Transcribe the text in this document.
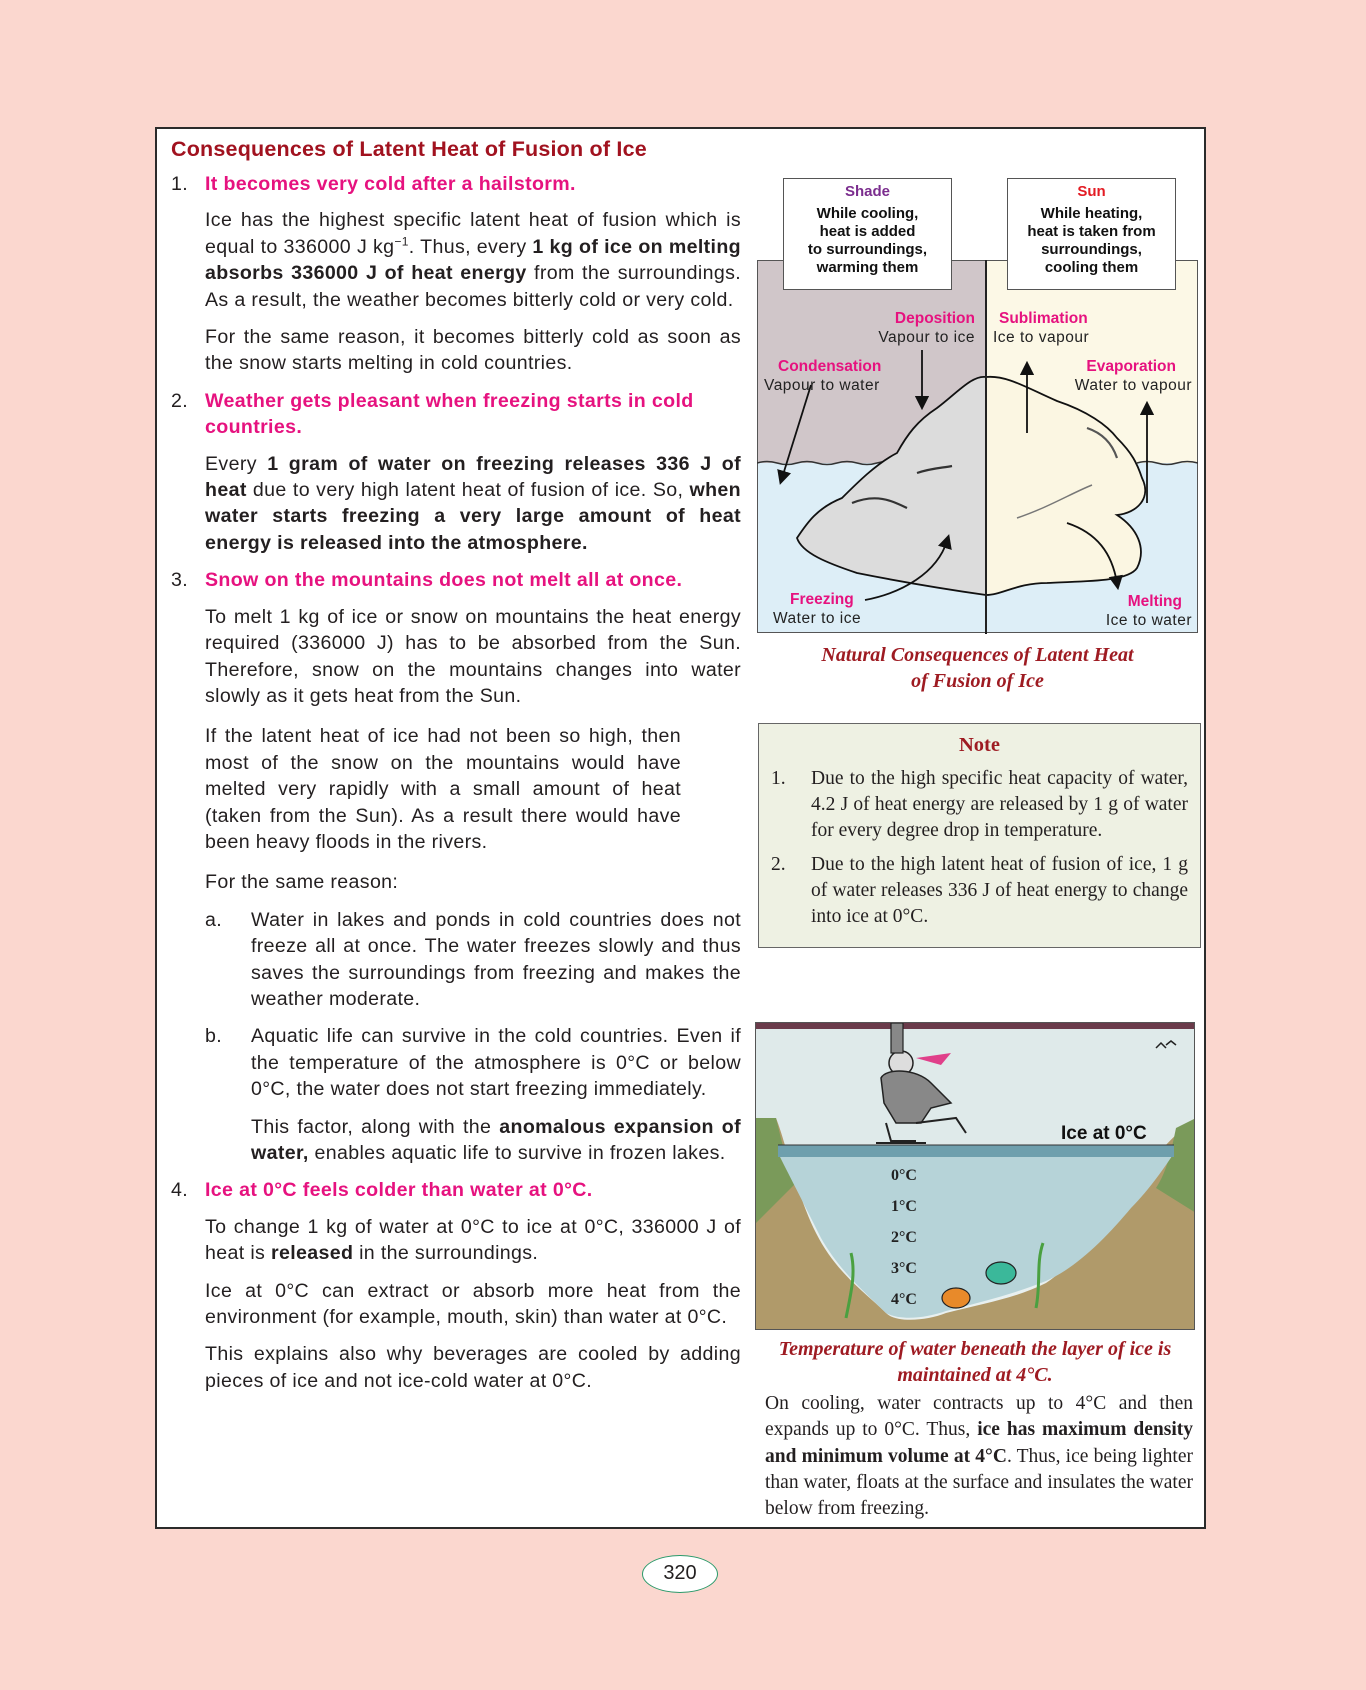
Consequences of Latent Heat of Fusion of Ice
1. It becomes very cold after a hailstorm.
Ice has the highest specific latent heat of fusion which is equal to 336000 J $kg^{-1}$. Thus, every 1 kg of ice on melting absorbs 336000 J of heat energy from the surroundings. As a result, the weather becomes bitterly cold or very cold.
For the same reason, it becomes bitterly cold as soon as the snow starts melting in cold countries.
2. Weather gets pleasant when freezing starts in cold countries.
Every 1 gram of water on freezing releases 336 J of heat due to very high latent heat of fusion of ice. So, when water starts freezing a very large amount of heat energy is released into the atmosphere.
3. Snow on the mountains does not melt all at once.
To melt 1 kg of ice or snow on mountains the heat energy required (336000 J) has to be absorbed from the Sun. Therefore, snow on the mountains changes into water slowly as it gets heat from the Sun.
If the latent heat of ice had not been so high, then most of the snow on the mountains would have melted very rapidly with a small amount of heat (taken from the Sun). As a result there would have been heavy floods in the rivers.
For the same reason:
a.	Water in lakes and ponds in cold countries does not freeze all at once. The water freezes slowly and thus saves the surroundings from freezing and makes the weather moderate.
b.	Aquatic life can survive in the cold countries. Even if the temperature of the atmosphere is 0°C or below 0°C, the water does not start freezing immediately.
This factor, along with the anomalous expansion of water, enables aquatic life to survive in frozen lakes.
4. Ice at 0°C feels colder than water at 0°C.
To change 1 kg of water at 0°C to ice at 0°C, 336000 J of heat is released in the surroundings.
Ice at 0°C can extract or absorb more heat from the environment (for example, mouth, skin) than water at 0°C.
This explains also why beverages are cooled by adding pieces of ice and not ice-cold water at 0°C.
Shade
While cooling,
heat is added
to surroundings,
warming them
Sun
While heating,
heat is taken from
surroundings,
cooling them
Deposition
Vapour to ice
Sublimation
Ice to vapour
Condensation
Vapour to water
Evaporation
Water to vapour
Freezing
Water to ice
Melting
Ice to water
Natural Consequences of Latent Heat
of Fusion of Ice
Note
1.	Due to the high specific heat capacity of water, 4.2 J of heat energy are released by 1 g of water for every degree drop in temperature.
2.	Due to the high latent heat of fusion of ice, 1 g of water releases 336 J of heat energy to change into ice at 0°C.
Ice at 0°C
0°C
1°C
2°C
3°C
4°C
Temperature of water beneath the layer of ice is
maintained at 4°C.
On cooling, water contracts up to 4°C and then expands up to 0°C. Thus, ice has maximum density and minimum volume at 4°C. Thus, ice being lighter than water, floats at the surface and insulates the water below from freezing.
320
